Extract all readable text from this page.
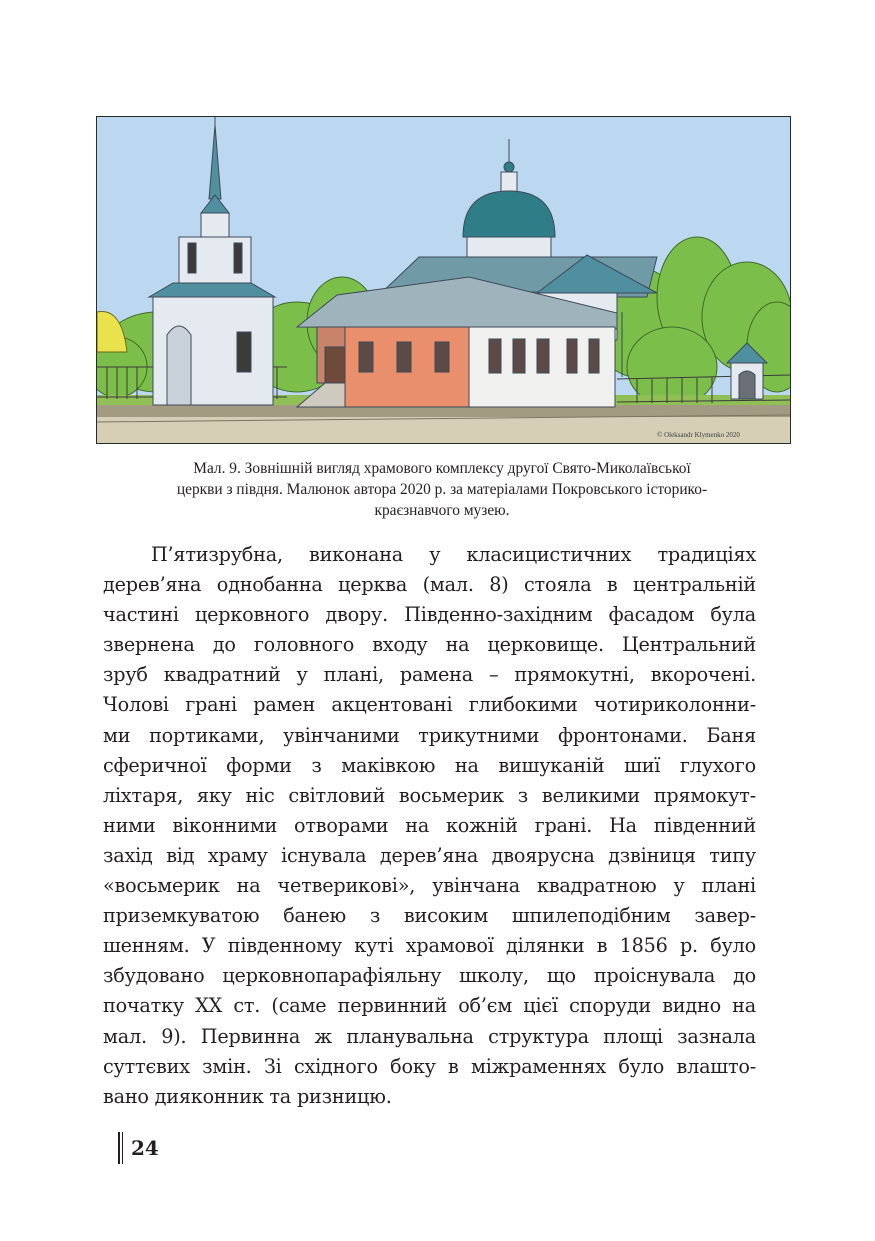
© Oleksandr Klymenko 2020
Мал. 9. Зовнішній вигляд храмового комплексу другої Свято-Миколаївської
церкви з півдня. Малюнок автора 2020 р. за матеріалами Покровського історико-
краєзнавчого музею.
П’ятизрубна, виконана у класицистичних традиціях
дерев’яна однобанна церква (мал. 8) стояла в центральній
частині церковного двору. Південно-західним фасадом була
звернена до головного входу на церковище. Центральний
зруб квадратний у плані, рамена – прямокутні, вкорочені.
Чолові грані рамен акцентовані глибокими чотириколонни-
ми портиками, увінчаними трикутними фронтонами. Баня
сферичної форми з маківкою на вишуканій шиї глухого
ліхтаря, яку ніс світловий восьмерик з великими прямокут-
ними віконними отворами на кожній грані. На південний
захід від храму існувала дерев’яна двоярусна дзвіниця типу
«восьмерик на четверикові», увінчана квадратною у плані
приземкуватою банею з високим шпилеподібним завер-
шенням. У південному куті храмової ділянки в 1856 р. було
збудовано церковнопарафіяльну школу, що проіснувала до
початку XX ст. (саме первинний об’єм цієї споруди видно на
мал. 9). Первинна ж планувальна структура площі зазнала
суттєвих змін. Зі східного боку в міжраменнях було влашто-
вано дияконник та ризницю.
24
